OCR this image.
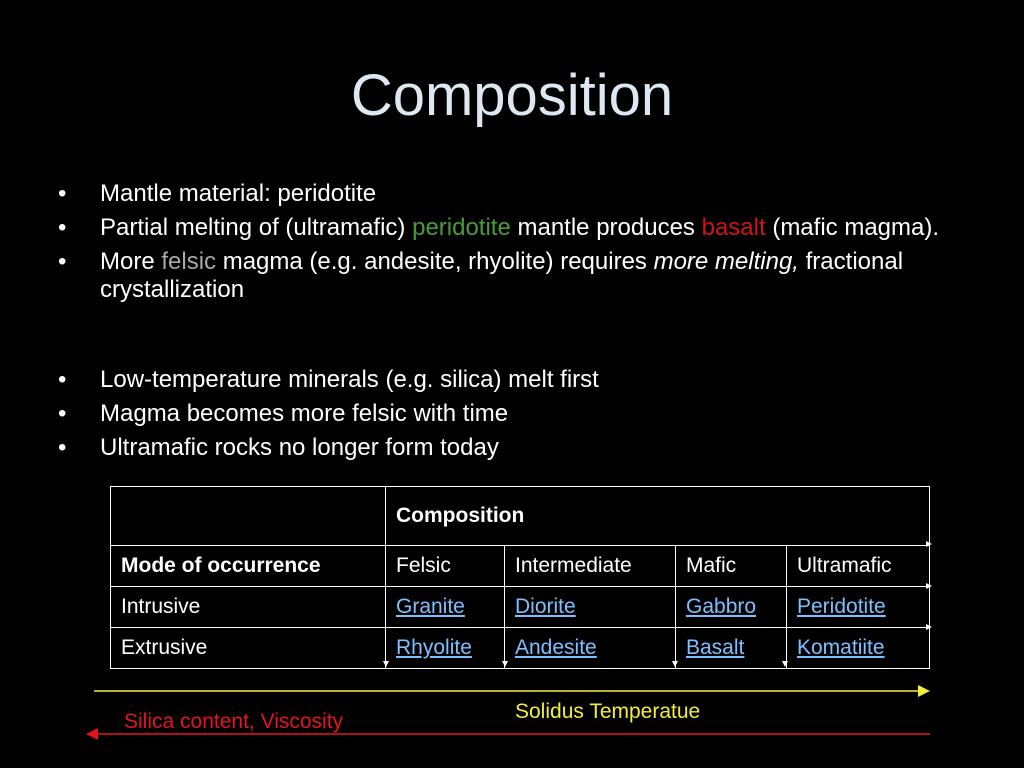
Composition
• Mantle material: peridotite
• Partial melting of (ultramafic) peridotite mantle produces basalt (mafic magma).
• More felsic magma (e.g. andesite, rhyolite) requires more melting, fractional crystallization
• Low-temperature minerals (e.g. silica) melt first
• Magma becomes more felsic with time
• Ultramafic rocks no longer form today
	Composition			
Mode of occurrence	Felsic	Intermediate	Mafic	Ultramafic
Intrusive	Granite	Diorite	Gabbro	Peridotite
Extrusive	Rhyolite	Andesite	Basalt	Komatiite
Solidus Temperatue
Silica content, Viscosity
